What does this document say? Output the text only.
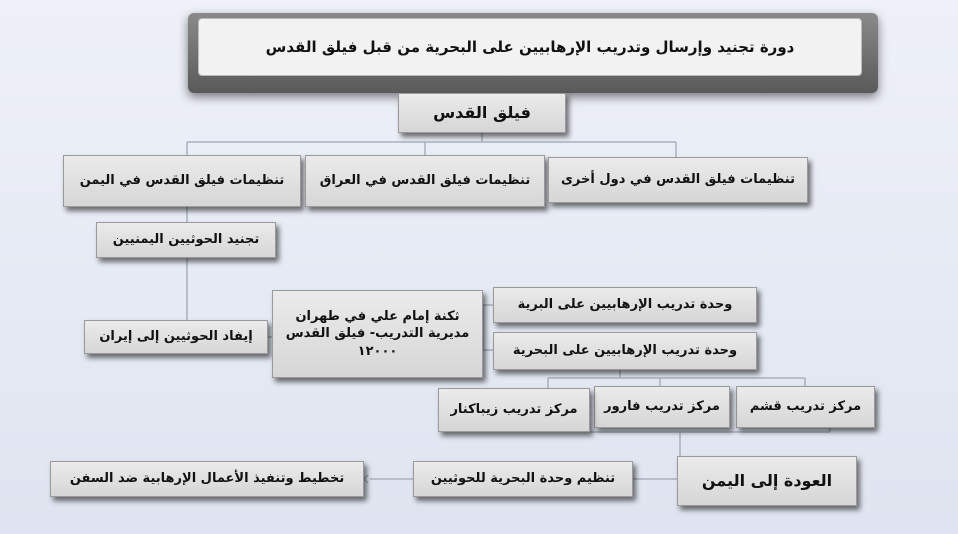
دورة تجنيد وإرسال وتدريب الإرهابيين على البحرية من قبل فيلق القدس
فيلق القدس
تنظيمات فيلق القدس في اليمن	تنظيمات فيلق القدس في العراق	تنظيمات فيلق القدس في دول أخرى
تجنيد الحوثيين اليمنيين
إيفاد الحوثيين إلى إيران
ثكنة إمام علي في طهران
مديرية التدريب- فيلق القدس
۱۲۰۰۰
وحدة تدريب الإرهابيين على البرية
وحدة تدريب الإرهابيين على البحرية
مركز تدريب قشم
مركز تدريب فارور
مركز تدريب زيباكنار
العودة إلى اليمن
تنظيم وحدة البحرية للحوثيين
تخطيط وتنفيذ الأعمال الإرهابية ضد السفن
